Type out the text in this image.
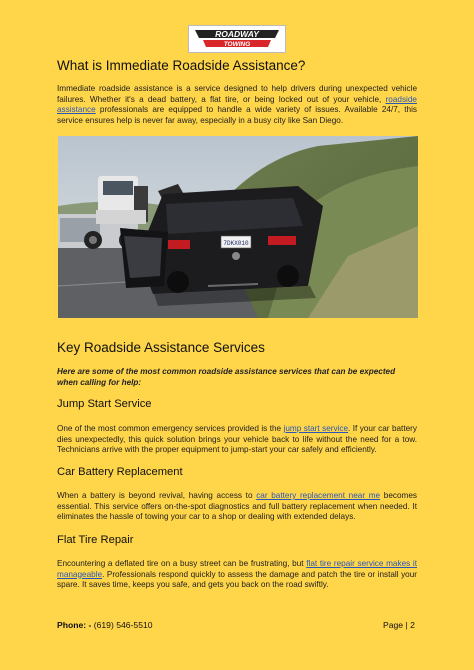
ROADWAY
TOWING
What is Immediate Roadside Assistance?
Immediate roadside assistance is a service designed to help drivers during unexpected vehicle failures. Whether it's a dead battery, a flat tire, or being locked out of your vehicle, roadside assistance professionals are equipped to handle a wide variety of issues. Available 24/7, this service ensures help is never far away, especially in a busy city like San Diego.
7DKX010
Key Roadside Assistance Services
Here are some of the most common roadside assistance services that can be expected when calling for help:
Jump Start Service
One of the most common emergency services provided is the jump start service. If your car battery dies unexpectedly, this quick solution brings your vehicle back to life without the need for a tow. Technicians arrive with the proper equipment to jump-start your car safely and efficiently.
Car Battery Replacement
When a battery is beyond revival, having access to car battery replacement near me becomes essential. This service offers on-the-spot diagnostics and full battery replacement when needed. It eliminates the hassle of towing your car to a shop or dealing with extended delays.
Flat Tire Repair
Encountering a deflated tire on a busy street can be frustrating, but flat tire repair service makes it manageable. Professionals respond quickly to assess the damage and patch the tire or install your spare. It saves time, keeps you safe, and gets you back on the road swiftly.
Phone: - (619) 546-5510	Page | 2
